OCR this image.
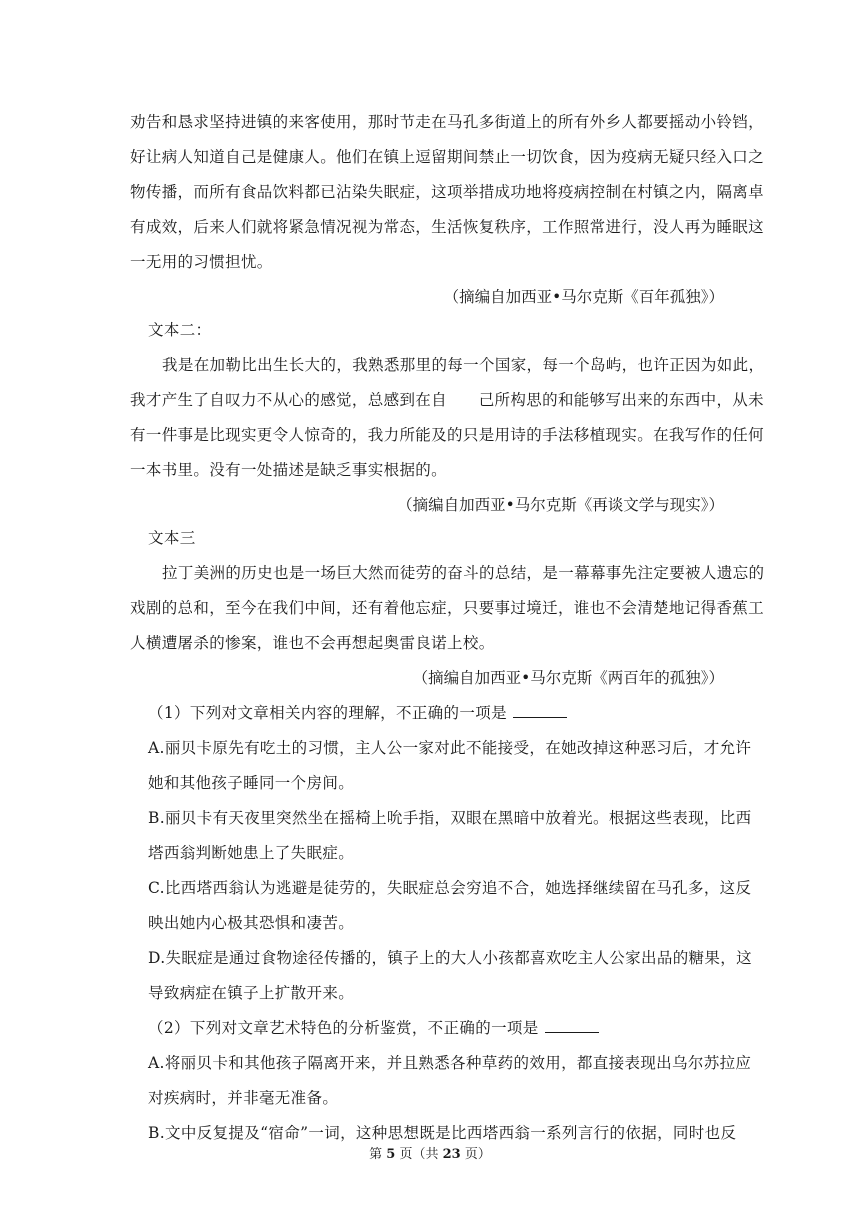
劝告和恳求坚持进镇的来客使用，那时节走在马孔多街道上的所有外乡人都要摇动小铃铛，
好让病人知道自己是健康人。他们在镇上逗留期间禁止一切饮食，因为疫病无疑只经入口之
物传播，而所有食品饮料都已沾染失眠症，这项举措成功地将疫病控制在村镇之内，隔离卓
有成效，后来人们就将紧急情况视为常态，生活恢复秩序，工作照常进行，没人再为睡眠这
一无用的习惯担忧。
（摘编自加西亚•马尔克斯《百年孤独》）
文本二：
我是在加勒比出生长大的，我熟悉那里的每一个国家，每一个岛屿，也许正因为如此，
我才产生了自叹力不从心的感觉，总感到在自　　己所构思的和能够写出来的东西中，从未
有一件事是比现实更令人惊奇的，我力所能及的只是用诗的手法移植现实。在我写作的任何
一本书里。没有一处描述是缺乏事实根据的。
（摘编自加西亚•马尔克斯《再谈文学与现实》）
文本三
拉丁美洲的历史也是一场巨大然而徒劳的奋斗的总结，是一幕幕事先注定要被人遗忘的
戏剧的总和，至今在我们中间，还有着他忘症，只要事过境迁，谁也不会清楚地记得香蕉工
人横遭屠杀的惨案，谁也不会再想起奥雷良诺上校。
（摘编自加西亚•马尔克斯《两百年的孤独》）
（1）下列对文章相关内容的理解，不正确的一项是
A.丽贝卡原先有吃土的习惯，主人公一家对此不能接受，在她改掉这种恶习后，才允许
她和其他孩子睡同一个房间。
B.丽贝卡有天夜里突然坐在摇椅上吮手指，双眼在黑暗中放着光。根据这些表现，比西
塔西翁判断她患上了失眠症。
C.比西塔西翁认为逃避是徒劳的，失眠症总会穷追不合，她选择继续留在马孔多，这反
映出她内心极其恐惧和凄苦。
D.失眠症是通过食物途径传播的，镇子上的大人小孩都喜欢吃主人公家出品的糖果，这
导致病症在镇子上扩散开来。
（2）下列对文章艺术特色的分析鉴赏，不正确的一项是
A.将丽贝卡和其他孩子隔离开来，并且熟悉各种草药的效用，都直接表现出乌尔苏拉应
对疾病时，并非毫无准备。
B.文中反复提及“宿命”一词，这种思想既是比西塔西翁一系列言行的依据，同时也反
第 5 页（共 23 页）
